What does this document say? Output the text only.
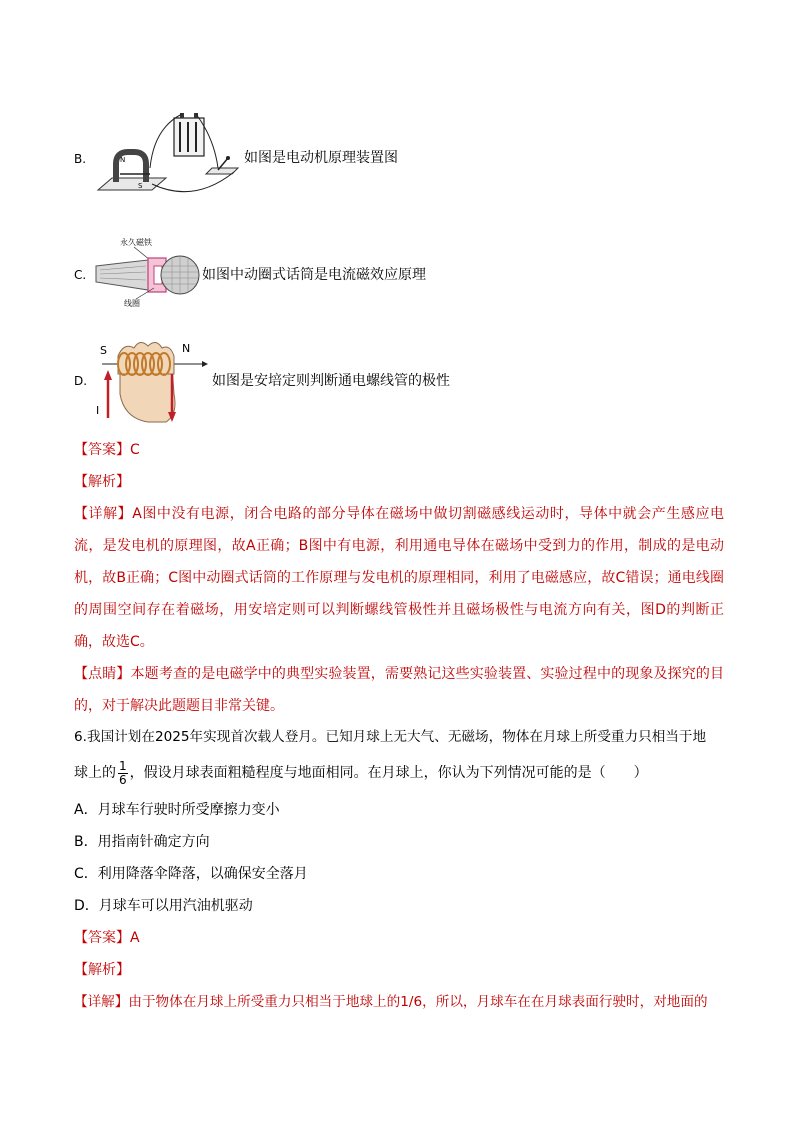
B.
S
N	如图是电动机原理装置图
C.
永久磁铁
线圈
如图中动圈式话筒是电流磁效应原理
D.
S	N
I
如图是安培定则判断通电螺线管的极性
【答案】C
【解析】
【详解】A图中没有电源，闭合电路的部分导体在磁场中做切割磁感线运动时，导体中就会产生感应电流，是发电机的原理图，故A正确；B图中有电源，利用通电导体在磁场中受到力的作用，制成的是电动机，故B正确；C图中动圈式话筒的工作原理与发电机的原理相同，利用了电磁感应，故C错误；通电线圈的周围空间存在着磁场，用安培定则可以判断螺线管极性并且磁场极性与电流方向有关，图D的判断正确，故选C。
【点睛】本题考查的是电磁学中的典型实验装置，需要熟记这些实验装置、实验过程中的现象及探究的目的，对于解决此题题目非常关键。
6.我国计划在2025年实现首次载人登月。已知月球上无大气、无磁场，物体在月球上所受重力只相当于地
球上的 $\frac{1}{6}$ ，假设月球表面粗糙程度与地面相同。在月球上，你认为下列情况可能的是（　　）
A．月球车行驶时所受摩擦力变小
B．用指南针确定方向
C．利用降落伞降落，以确保安全落月
D．月球车可以用汽油机驱动
【答案】A
【解析】
【详解】由于物体在月球上所受重力只相当于地球上的1/6，所以，月球车在在月球表面行驶时，对地面的
